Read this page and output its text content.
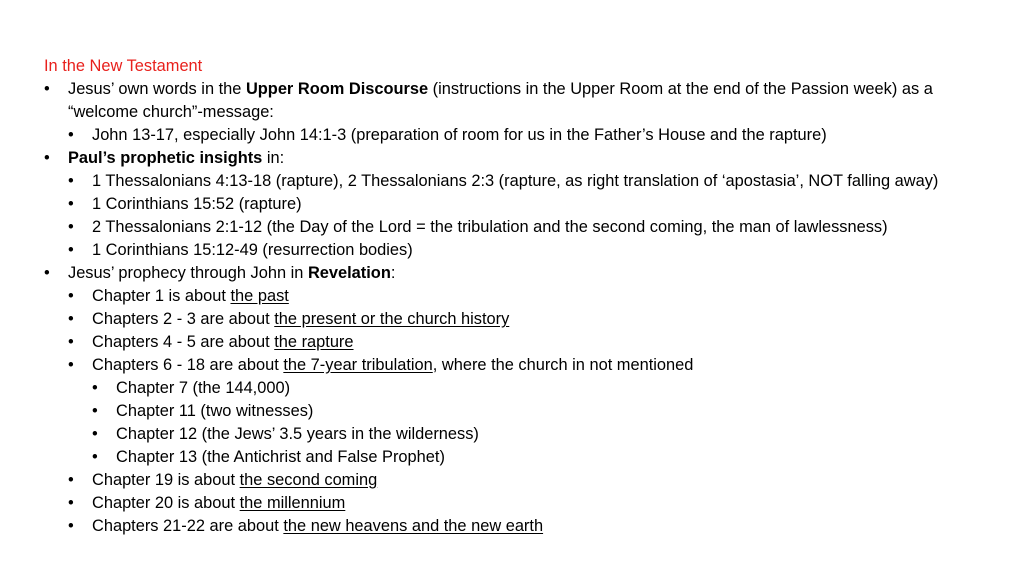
In the New Testament
• Jesus’ own words in the Upper Room Discourse (instructions in the Upper Room at the end of the Passion week) as a
“welcome church”-message:
• John 13-17, especially John 14:1-3 (preparation of room for us in the Father’s House and the rapture)
• Paul’s prophetic insights in:
• 1 Thessalonians 4:13-18 (rapture), 2 Thessalonians 2:3 (rapture, as right translation of ‘apostasia’, NOT falling away)
• 1 Corinthians 15:52 (rapture)
• 2 Thessalonians 2:1-12 (the Day of the Lord = the tribulation and the second coming, the man of lawlessness)
• 1 Corinthians 15:12-49 (resurrection bodies)
• Jesus’ prophecy through John in Revelation:
• Chapter 1 is about the past
• Chapters 2 - 3 are about the present or the church history
• Chapters 4 - 5 are about the rapture
• Chapters 6 - 18 are about the 7-year tribulation, where the church in not mentioned
• Chapter 7 (the 144,000)
• Chapter 11 (two witnesses)
• Chapter 12 (the Jews’ 3.5 years in the wilderness)
• Chapter 13 (the Antichrist and False Prophet)
• Chapter 19 is about the second coming
• Chapter 20 is about the millennium
• Chapters 21-22 are about the new heavens and the new earth
